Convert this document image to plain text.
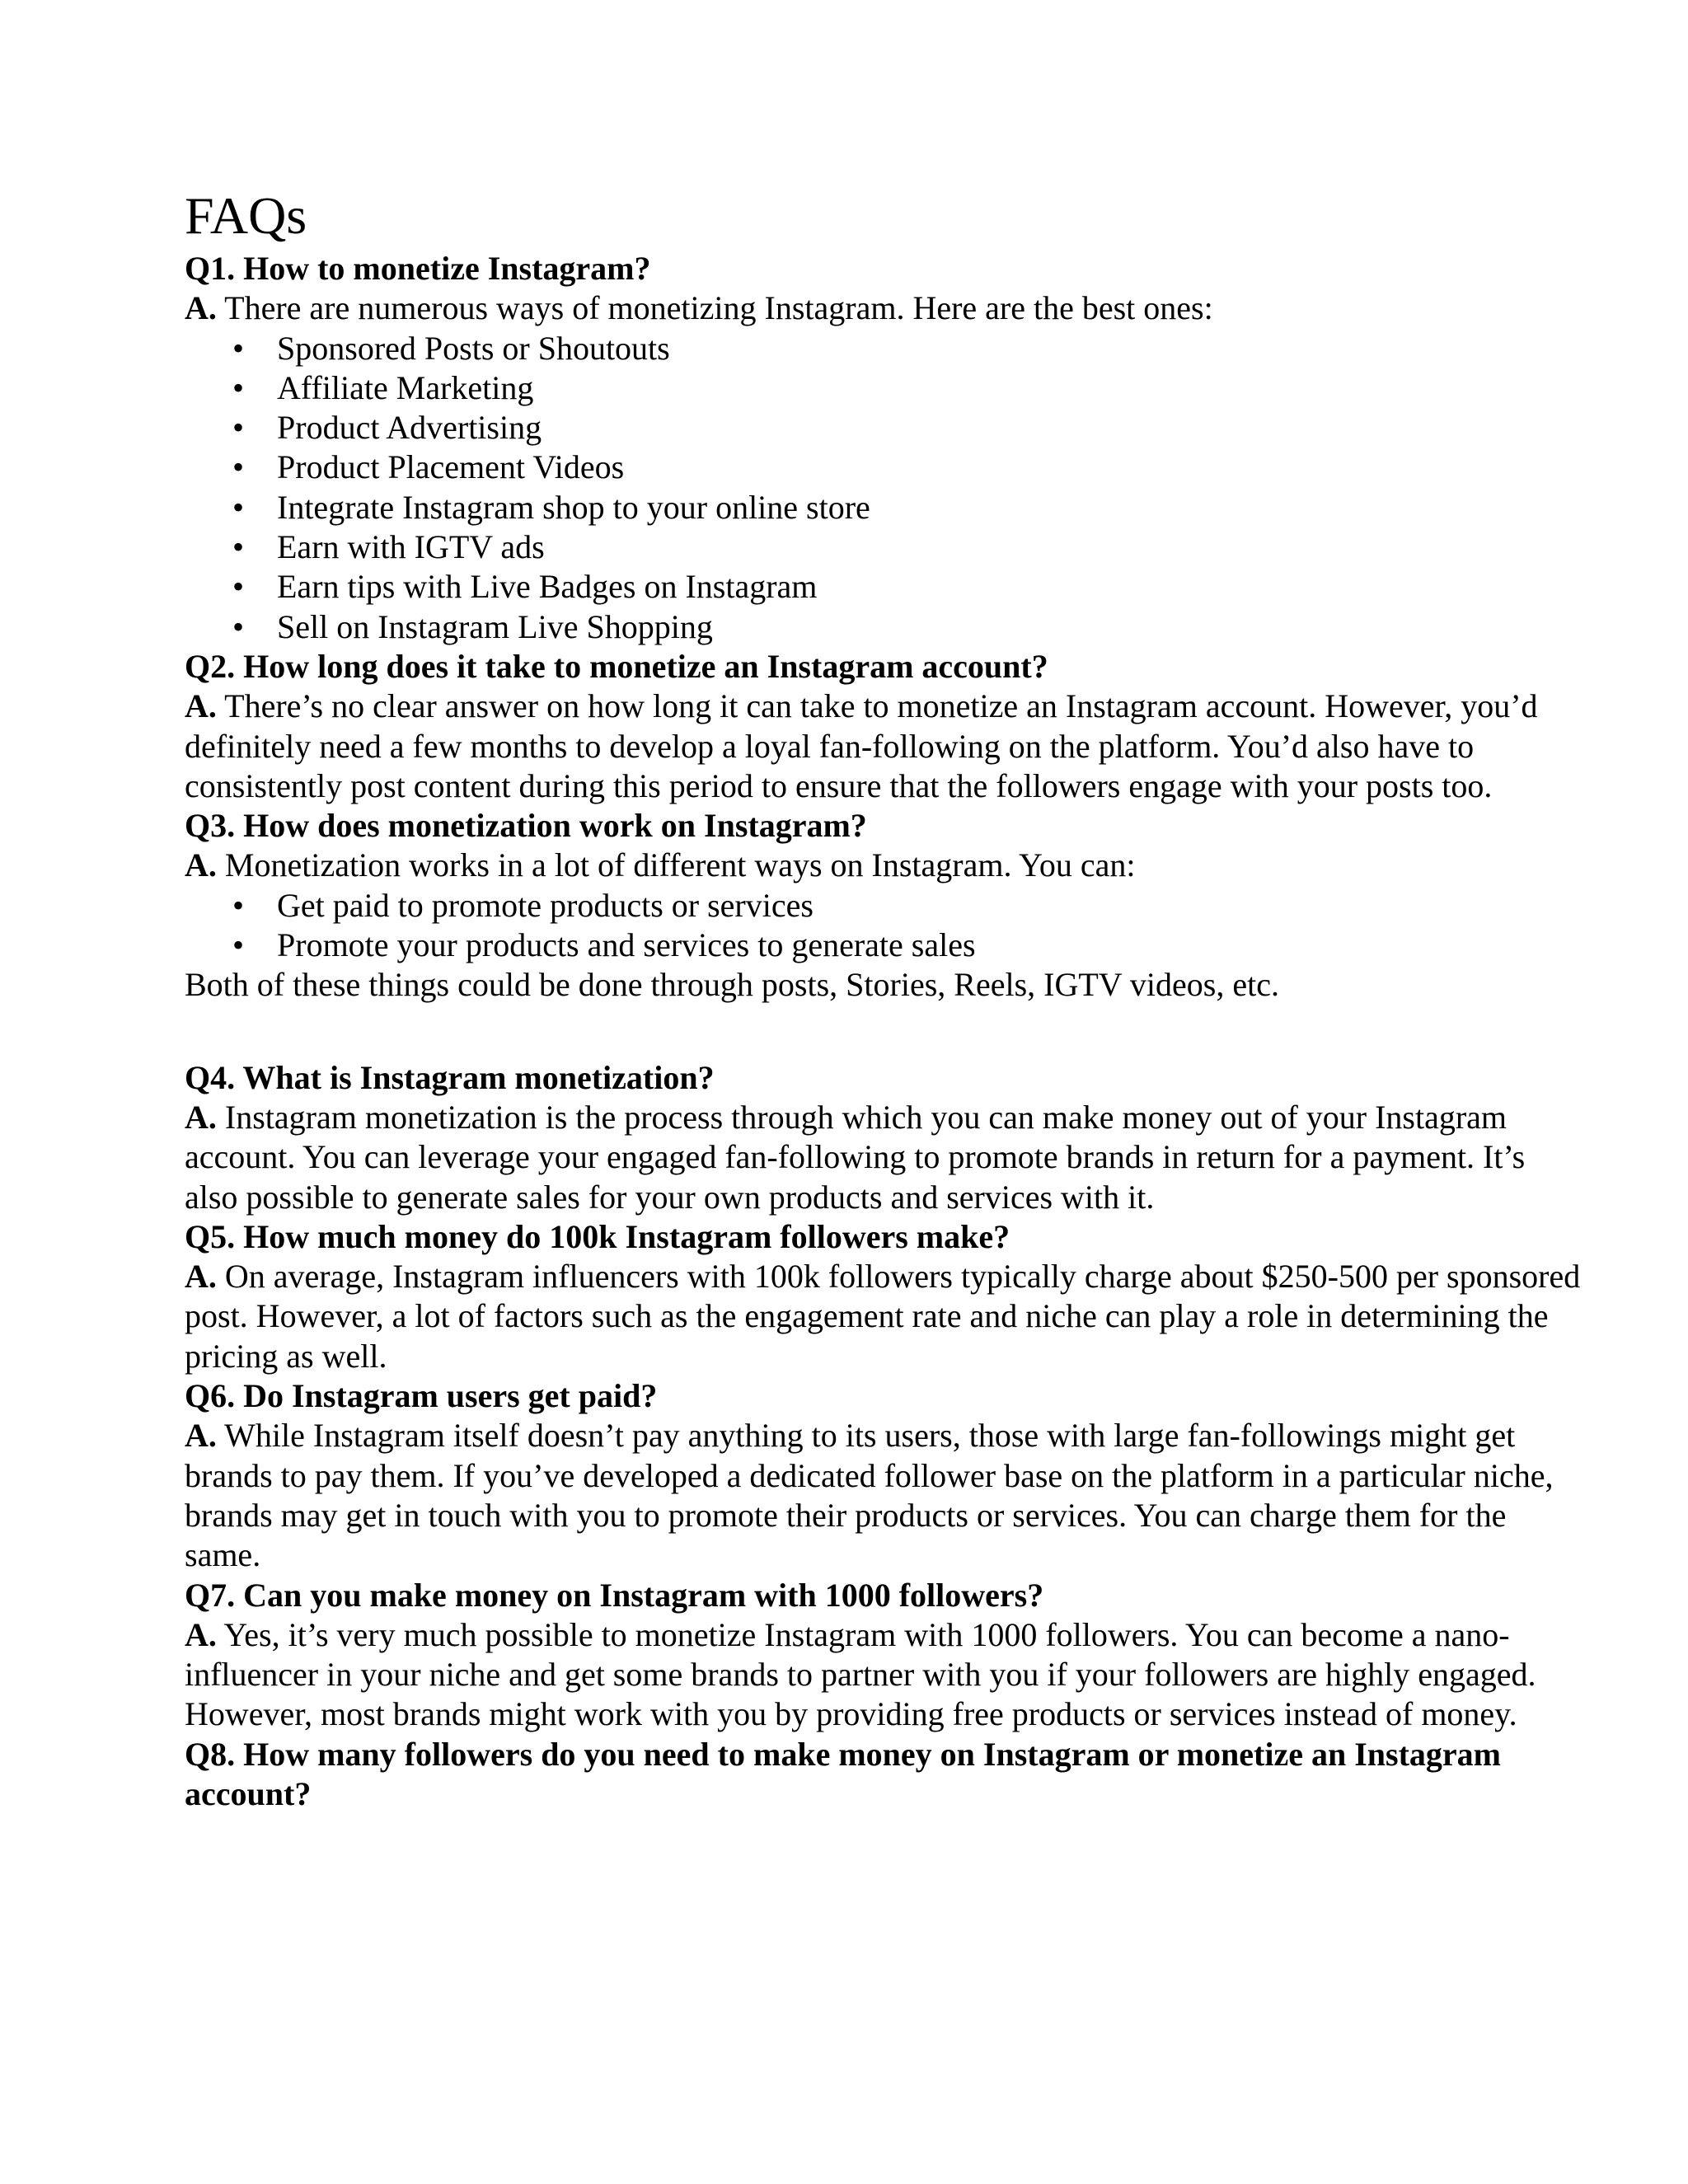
FAQs

Q1. How to monetize Instagram?

A. There are numerous ways of monetizing Instagram. Here are the best ones:

• Sponsored Posts or Shoutouts
• Affiliate Marketing
• Product Advertising
• Product Placement Videos
• Integrate Instagram shop to your online store
• Earn with IGTV ads
• Earn tips with Live Badges on Instagram
• Sell on Instagram Live Shopping

Q2. How long does it take to monetize an Instagram account?

A. There’s no clear answer on how long it can take to monetize an Instagram account. However, you’d definitely need a few months to develop a loyal fan-following on the platform. You’d also have to consistently post content during this period to ensure that the followers engage with your posts too.

Q3. How does monetization work on Instagram?

A. Monetization works in a lot of different ways on Instagram. You can:

• Get paid to promote products or services
• Promote your products and services to generate sales

Both of these things could be done through posts, Stories, Reels, IGTV videos, etc.

Q4. What is Instagram monetization?

A. Instagram monetization is the process through which you can make money out of your Instagram account. You can leverage your engaged fan-following to promote brands in return for a payment. It’s also possible to generate sales for your own products and services with it.

Q5. How much money do 100k Instagram followers make?

A. On average, Instagram influencers with 100k followers typically charge about $250-500 per sponsored post. However, a lot of factors such as the engagement rate and niche can play a role in determining the pricing as well.

Q6. Do Instagram users get paid?

A. While Instagram itself doesn’t pay anything to its users, those with large fan-followings might get brands to pay them. If you’ve developed a dedicated follower base on the platform in a particular niche, brands may get in touch with you to promote their products or services. You can charge them for the same.

Q7. Can you make money on Instagram with 1000 followers?

A. Yes, it’s very much possible to monetize Instagram with 1000 followers. You can become a nano-influencer in your niche and get some brands to partner with you if your followers are highly engaged. However, most brands might work with you by providing free products or services instead of money.

Q8. How many followers do you need to make money on Instagram or monetize an Instagram account?
